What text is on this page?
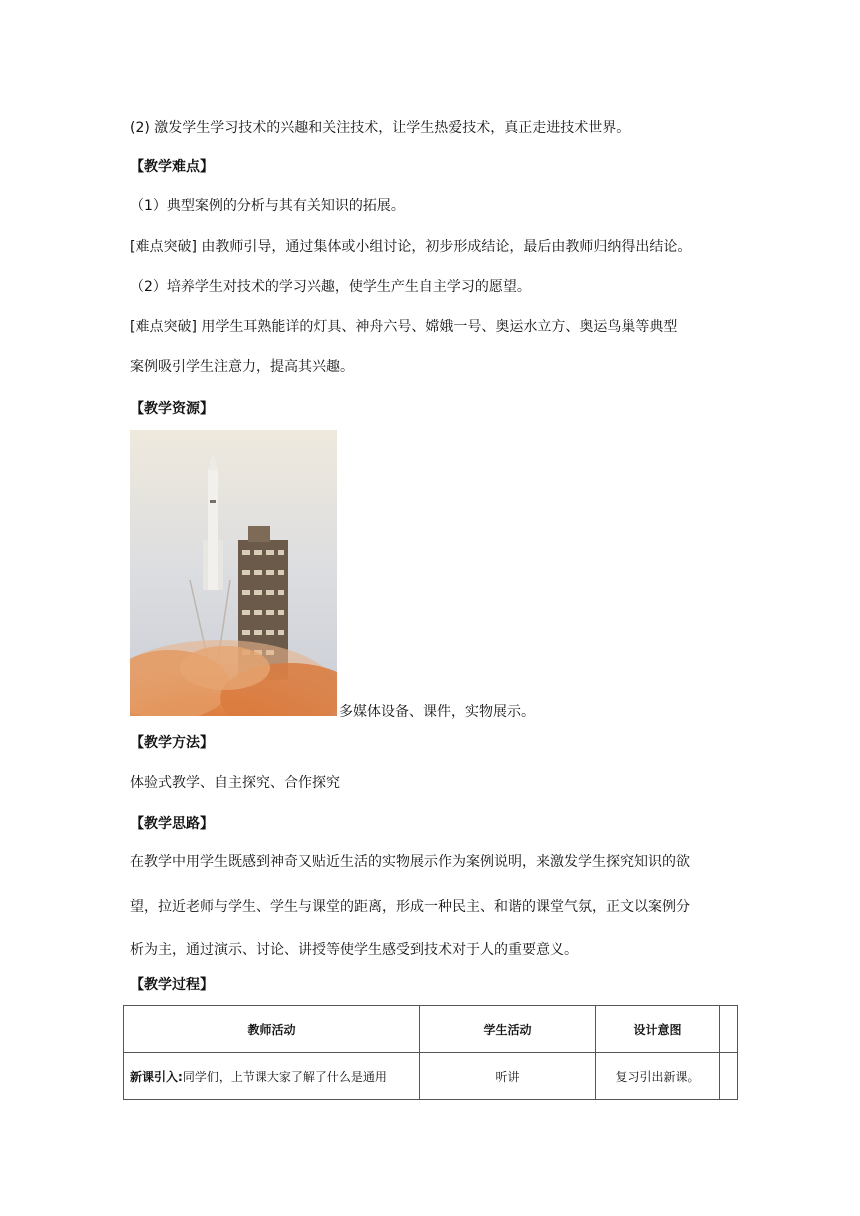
(2) 激发学生学习技术的兴趣和关注技术，让学生热爱技术，真正走进技术世界。
【教学难点】
（1）典型案例的分析与其有关知识的拓展。
[难点突破] 由教师引导，通过集体或小组讨论，初步形成结论，最后由教师归纳得出结论。
（2）培养学生对技术的学习兴趣，使学生产生自主学习的愿望。
[难点突破] 用学生耳熟能详的灯具、神舟六号、嫦娥一号、奥运水立方、奥运鸟巢等典型
案例吸引学生注意力，提高其兴趣。
【教学资源】
多媒体设备、课件，实物展示。
【教学方法】
体验式教学、自主探究、合作探究
【教学思路】
在教学中用学生既感到神奇又贴近生活的实物展示作为案例说明，来激发学生探究知识的欲
望，拉近老师与学生、学生与课堂的距离，形成一种民主、和谐的课堂气氛，正文以案例分
析为主，通过演示、讨论、讲授等使学生感受到技术对于人的重要意义。
【教学过程】
教师活动	学生活动	设计意图	
新课引入:同学们，上节课大家了解了什么是通用	听讲	复习引出新课。	
